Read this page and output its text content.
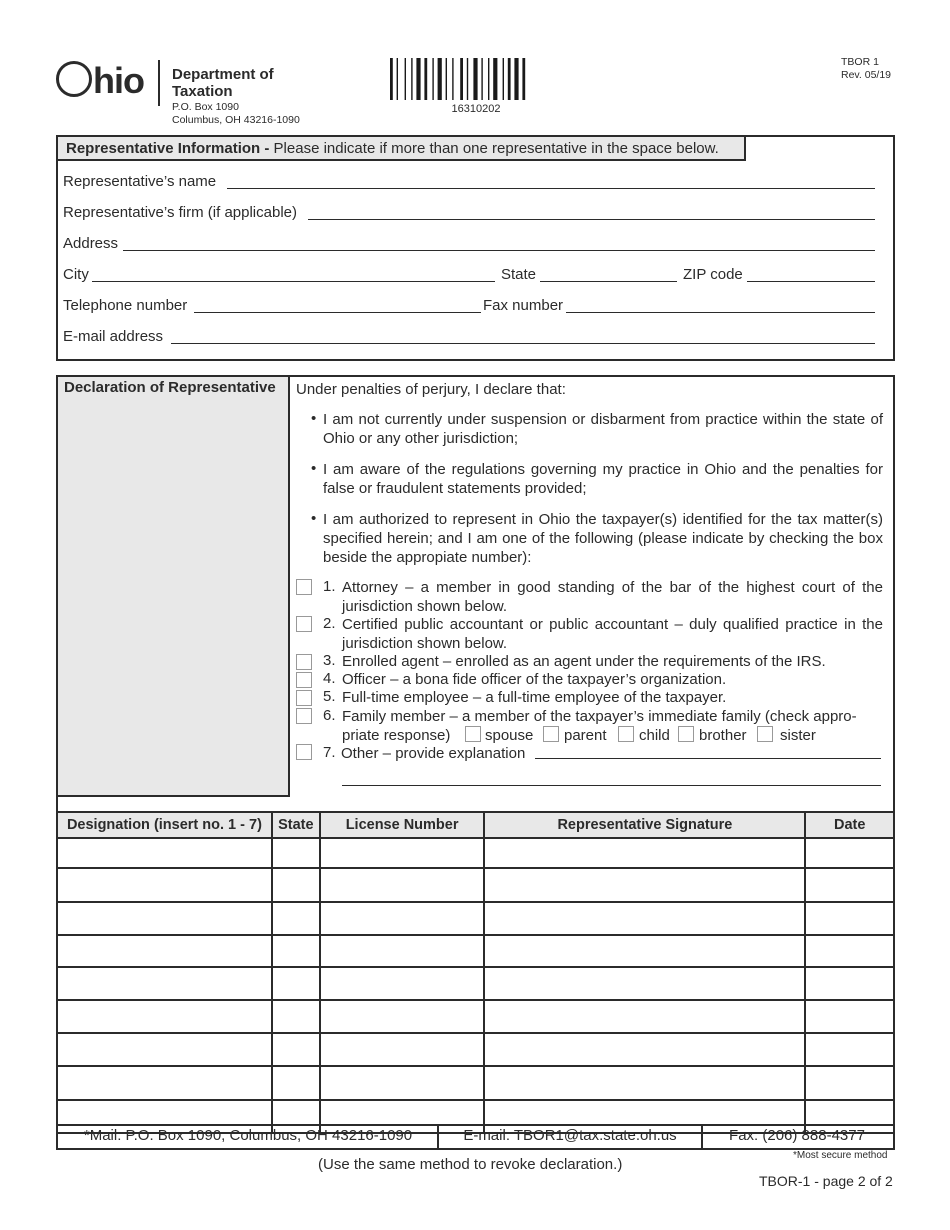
hio Department of
Taxation
P.O. Box 1090
Columbus, OH 43216-1090
16310202
TBOR 1
Rev. 05/19
Representative Information - Please indicate if more than one representative in the space below.
Representative’s name
Representative’s firm (if applicable)
Address
City	State	ZIP code
Telephone number	Fax number
E-mail address
Declaration of Representative Under penalties of perjury, I declare that:
• I am not currently under suspension or disbarment from practice within the state of Ohio or any other jurisdiction;
• I am aware of the regulations governing my practice in Ohio and the penalties for false or fraudulent statements provided;
• I am authorized to represent in Ohio the taxpayer(s) identified for the tax matter(s) specified herein; and I am one of the following (please indicate by checking the box beside the appropiate number):
1. Attorney – a member in good standing of the bar of the highest court of the jurisdiction shown below.
2. Certified public accountant or public accountant – duly qualified practice in the jurisdiction shown below.
3. Enrolled agent – enrolled as an agent under the requirements of the IRS.
4. Officer – a bona fide officer of the taxpayer’s organization.
5. Full-time employee – a full-time employee of the taxpayer.
6. Family member – a member of the taxpayer’s immediate family (check appro-
priate response) spouse parent child brother sister
7. Other – provide explanation
Designation (insert no. 1 - 7)	State	License Number	Representative Signature	Date

*Mail: P.O. Box 1090, Columbus, OH 43216-1090	E-mail: TBOR1@tax.state.oh.us	Fax: (206) 888-4377
*Most secure method
(Use the same method to revoke declaration.)
TBOR-1 - page 2 of 2
